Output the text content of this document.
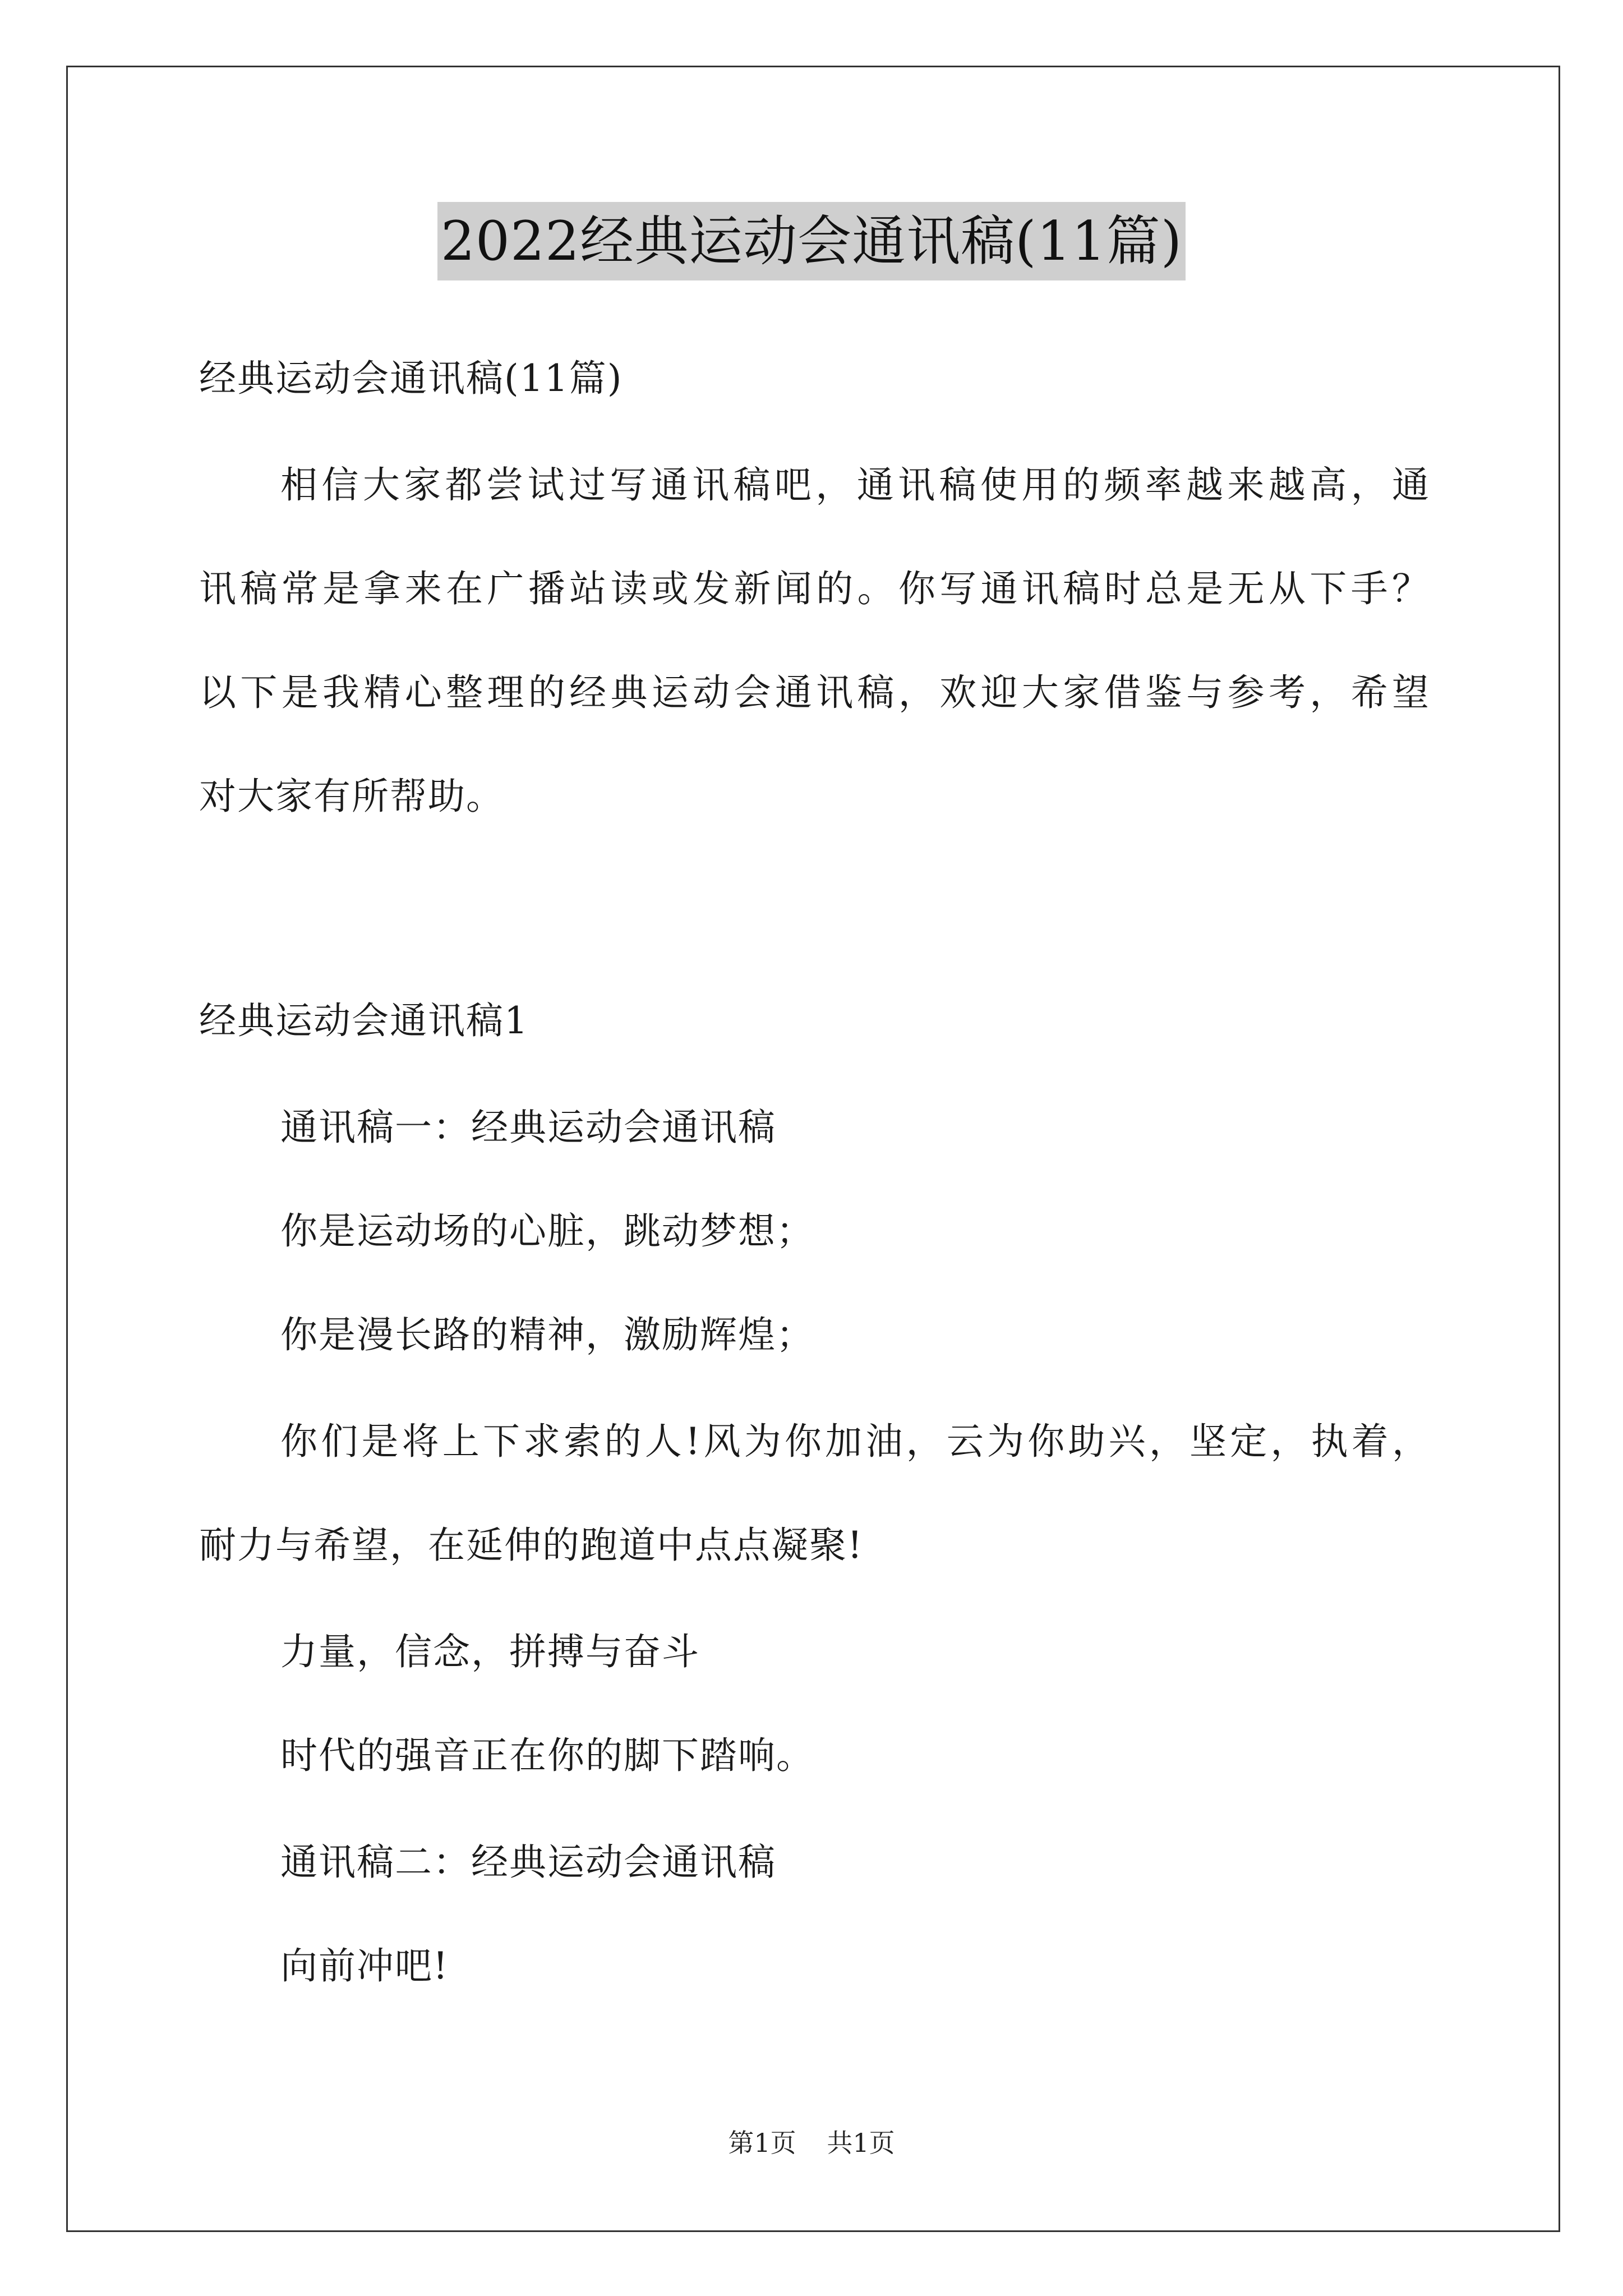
2022经典运动会通讯稿(11篇)
经典运动会通讯稿(11篇)
相信大家都尝试过写通讯稿吧，通讯稿使用的频率越来越高，通
讯稿常是拿来在广播站读或发新闻的。你写通讯稿时总是无从下手？
以下是我精心整理的经典运动会通讯稿，欢迎大家借鉴与参考，希望
对大家有所帮助。
经典运动会通讯稿1
通讯稿一：经典运动会通讯稿
你是运动场的心脏，跳动梦想；
你是漫长路的精神，激励辉煌；
你们是将上下求索的人!风为你加油，云为你助兴，坚定，执着，
耐力与希望，在延伸的跑道中点点凝聚!
力量，信念，拼搏与奋斗
时代的强音正在你的脚下踏响。
通讯稿二：经典运动会通讯稿
向前冲吧!
第1页 共1页
